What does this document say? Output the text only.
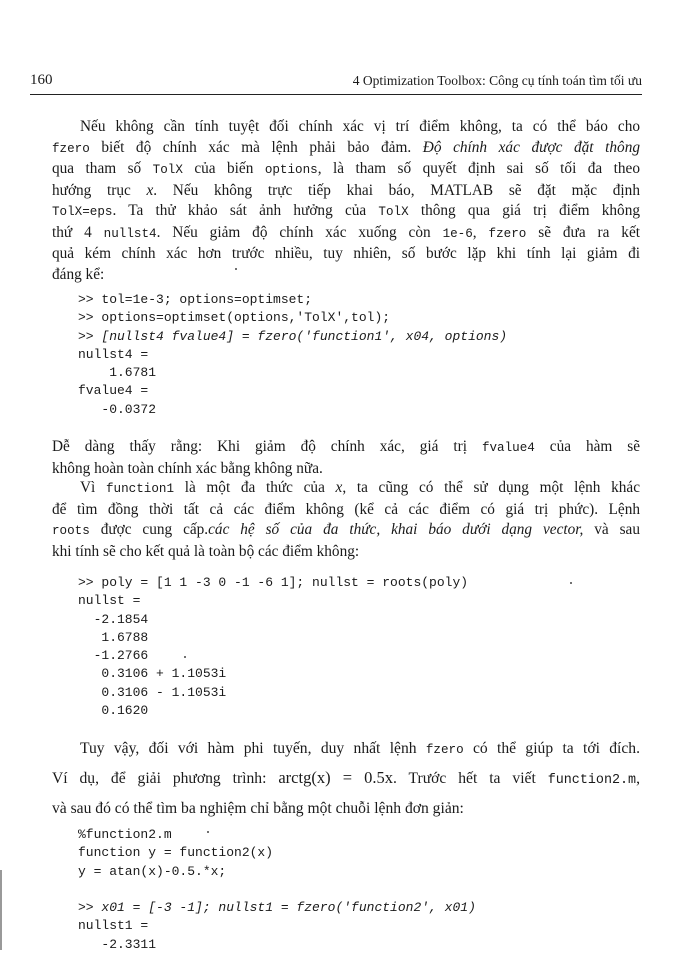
160	4 Optimization Toolbox: Công cụ tính toán tìm tối ưu
Nếu không cần tính tuyệt đối chính xác vị trí điểm không, ta có thể báo cho
fzero biết độ chính xác mà lệnh phải bảo đảm. Độ chính xác được đặt thông
qua tham số TolX của biến options, là tham số quyết định sai số tối đa theo
hướng trục x. Nếu không trực tiếp khai báo, MATLAB sẽ đặt mặc định
TolX=eps. Ta thử khảo sát ảnh hưởng của TolX thông qua giá trị điểm không
thứ 4 nullst4. Nếu giảm độ chính xác xuống còn 1e-6, fzero sẽ đưa ra kết
quả kém chính xác hơn trước nhiều, tuy nhiên, số bước lặp khi tính lại giảm đi
đáng kể:
>> tol=1e-3; options=optimset;
>> options=optimset(options,'TolX',tol);
>> [nullst4 fvalue4] = fzero('function1', x04, options)
nullst4 =
1.6781
fvalue4 =
-0.0372
Dễ dàng thấy rằng: Khi giảm độ chính xác, giá trị fvalue4 của hàm sẽ
không hoàn toàn chính xác bằng không nữa.
Vì function1 là một đa thức của x, ta cũng có thể sử dụng một lệnh khác
để tìm đồng thời tất cả các điểm không (kể cả các điểm có giá trị phức). Lệnh
roots được cung cấp.các hệ số của đa thức, khai báo dưới dạng vector, và sau
khi tính sẽ cho kết quả là toàn bộ các điểm không:
>> poly = [1 1 -3 0 -1 -6 1]; nullst = roots(poly)
nullst =
-2.1854
1.6788
-1.2766
0.3106 + 1.1053i
0.3106 - 1.1053i
0.1620
Tuy vậy, đối với hàm phi tuyến, duy nhất lệnh fzero có thể giúp ta tới đích.
Ví dụ, để giải phương trình: arctg(x) = 0.5x. Trước hết ta viết function2.m,
và sau đó có thể tìm ba nghiệm chỉ bằng một chuỗi lệnh đơn giản:
%function2.m
function y = function2(x)
y = atan(x)-0.5.*x;

>> x01 = [-3 -1]; nullst1 = fzero('function2', x01)
nullst1 =
-2.3311
